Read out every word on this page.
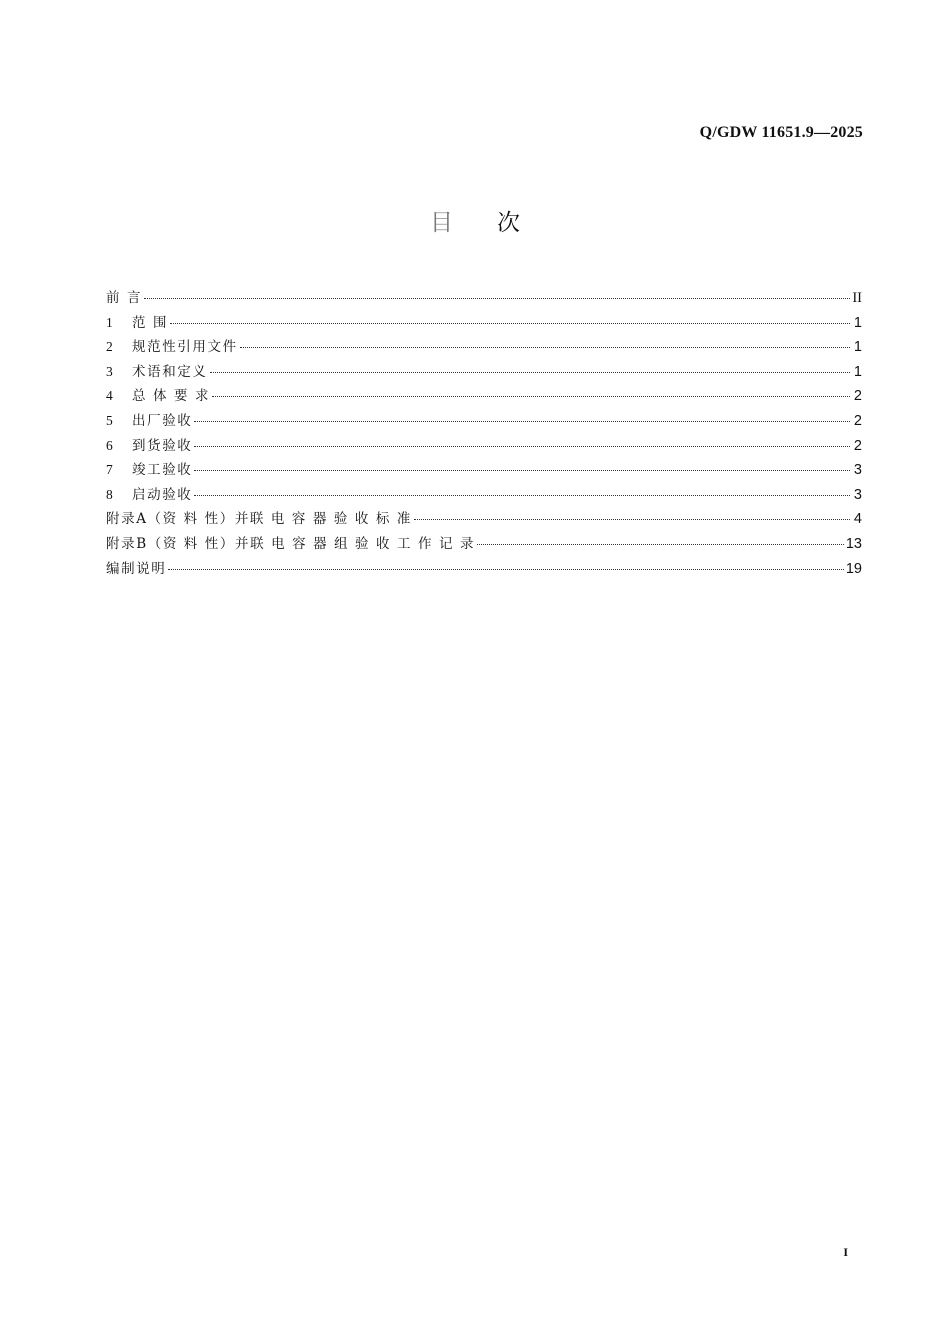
Q/GDW 11651.9—2025
目 次
前 言	II
1	范 围	1
2	规范性引用文件	1
3	术语和定义	1
4	总 体 要 求	2
5	出厂验收	2
6	到货验收	2
7	竣工验收	3
8	启动验收	3
附录A（资 料 性）并联 电 容 器 验 收 标 准	4
附录B（资 料 性）并联 电 容 器 组 验 收 工 作 记 录	13
编制说明	19
I
